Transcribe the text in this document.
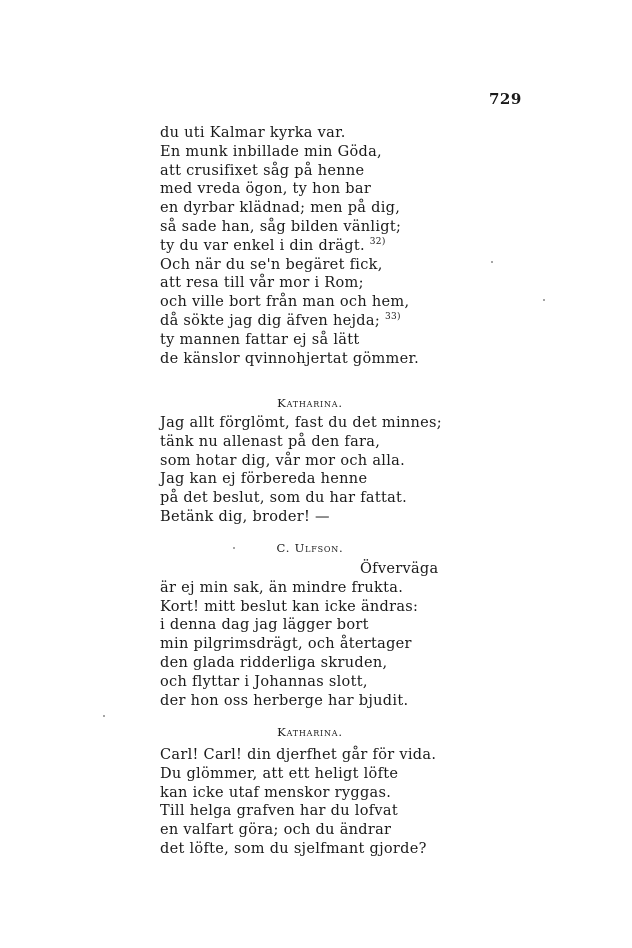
729
du uti Kalmar kyrka var.
En munk inbillade min Göda,
att crusifixet såg på henne
med vreda ögon, ty hon bar
en dyrbar klädnad; men på dig,
så sade han, såg bilden vänligt;
ty du var enkel i din drägt. $^{32)}$
Och när du se'n begäret fick,
att resa till vår mor i Rom;
och ville bort från man och hem,
då sökte jag dig äfven hejda; $^{33)}$
ty mannen fattar ej så lätt
de känslor qvinnohjertat gömmer.
Katharina.
Jag allt förglömt, fast du det minnes;
tänk nu allenast på den fara,
som hotar dig, vår mor och alla.
Jag kan ej förbereda henne
på det beslut, som du har fattat.
Betänk dig, broder! —
C. Ulfson.
Öfverväga
är ej min sak, än mindre frukta.
Kort! mitt beslut kan icke ändras:
i denna dag jag lägger bort
min pilgrimsdrägt, och återtager
den glada ridderliga skruden,
och flyttar i Johannas slott,
der hon oss herberge har bjudit.
Katharina.
Carl! Carl! din djerfhet går för vida.
Du glömmer, att ett heligt löfte
kan icke utaf menskor ryggas.
Till helga grafven har du lofvat
en valfart göra; och du ändrar
det löfte, som du sjelfmant gjorde?
